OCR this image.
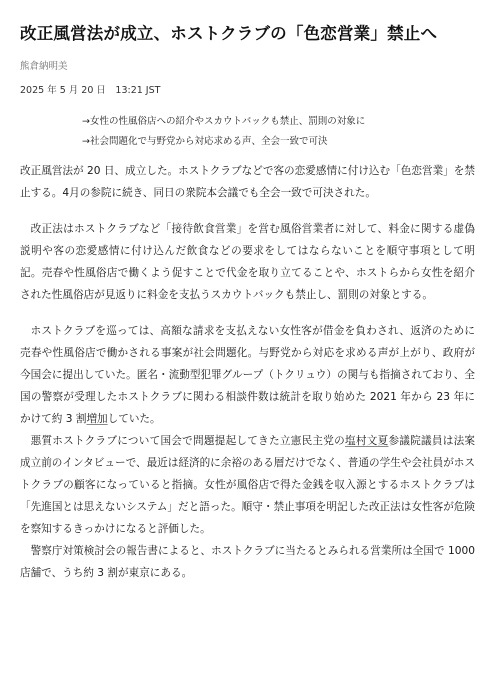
改正風営法が成立、ホストクラブの「色恋営業」禁止へ
熊倉納明美
2025 年 5 月 20 日　13:21 JST
→女性の性風俗店への紹介やスカウトバックも禁止、罰則の対象に
→社会問題化で与野党から対応求める声、全会一致で可決

改正風営法が 20 日、成立した。ホストクラブなどで客の恋愛感情に付け込む「色恋営業」を禁止する。4月の参院に続き、同日の衆院本会議でも全会一致で可決された。

改正法はホストクラブなど「接待飲食営業」を営む風俗営業者に対して、料金に関する虚偽説明や客の恋愛感情に付け込んだ飲食などの要求をしてはならないことを順守事項として明記。売春や性風俗店で働くよう促すことで代金を取り立てることや、ホストらから女性を紹介された性風俗店が見返りに料金を支払うスカウトバックも禁止し、罰則の対象とする。

ホストクラブを巡っては、高額な請求を支払えない女性客が借金を負わされ、返済のために売春や性風俗店で働かされる事案が社会問題化。与野党から対応を求める声が上がり、政府が今国会に提出していた。匿名・流動型犯罪グループ（トクリュウ）の関与も指摘されており、全国の警察が受理したホストクラブに関わる相談件数は統計を取り始めた 2021 年から 23 年にかけて約 3 割増加していた。

悪質ホストクラブについて国会で問題提起してきた立憲民主党の塩村文夏参議院議員は法案成立前のインタビューで、最近は経済的に余裕のある層だけでなく、普通の学生や会社員がホストクラブの顧客になっていると指摘。女性が風俗店で得た金銭を収入源とするホストクラブは「先進国とは思えないシステム」だと語った。順守・禁止事項を明記した改正法は女性客が危険を察知するきっかけになると評価した。

警察庁対策検討会の報告書によると、ホストクラブに当たるとみられる営業所は全国で 1000 店舗で、うち約 3 割が東京にある。
